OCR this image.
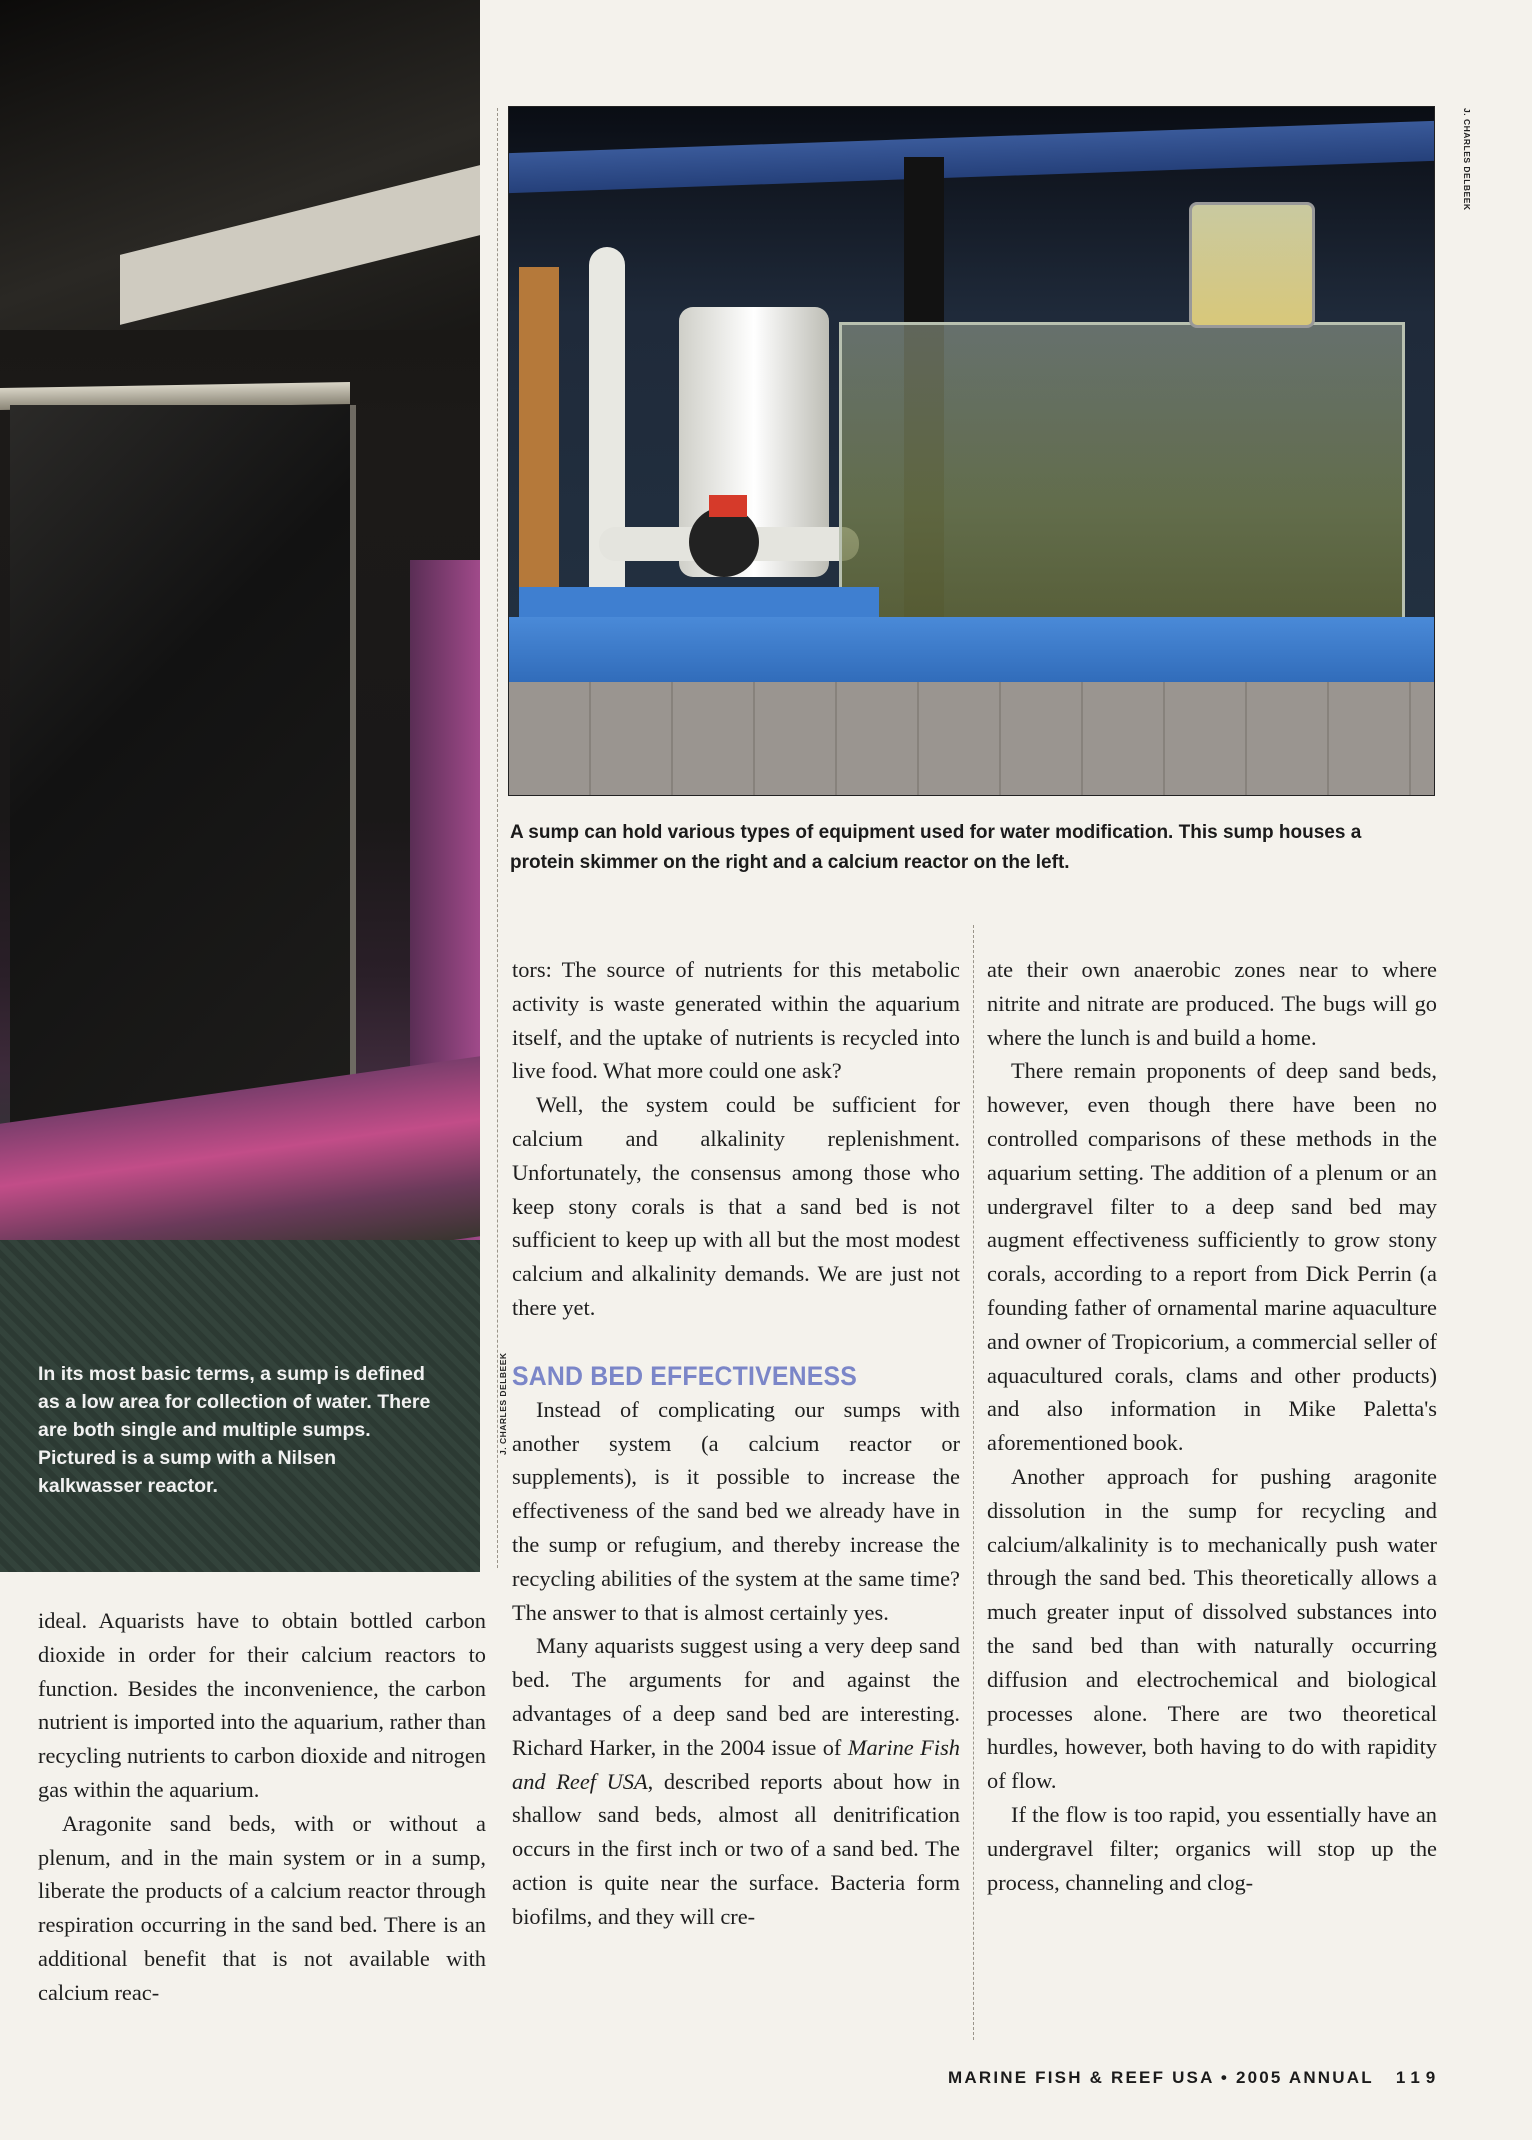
In its most basic terms, a sump is defined as a low area for collection of water. There are both single and multiple sumps. Pictured is a sump with a Nilsen kalkwasser reactor.

J. CHARLES DELBEEK
J. CHARLES DELBEEK

A sump can hold various types of equipment used for water modification. This sump houses a protein skimmer on the right and a calcium reactor on the left.

ideal. Aquarists have to obtain bottled carbon dioxide in order for their calcium reactors to function. Besides the inconvenience, the carbon nutrient is imported into the aquarium, rather than recycling nutrients to carbon dioxide and nitrogen gas within the aquarium.

Aragonite sand beds, with or without a plenum, and in the main system or in a sump, liberate the products of a calcium reactor through respiration occurring in the sand bed. There is an additional benefit that is not available with calcium reac-

tors: The source of nutrients for this metabolic activity is waste generated within the aquarium itself, and the uptake of nutrients is recycled into live food. What more could one ask?

Well, the system could be sufficient for calcium and alkalinity replenishment. Unfortunately, the consensus among those who keep stony corals is that a sand bed is not sufficient to keep up with all but the most modest calcium and alkalinity demands. We are just not there yet.

SAND BED EFFECTIVENESS

Instead of complicating our sumps with another system (a calcium reactor or supplements), is it possible to increase the effectiveness of the sand bed we already have in the sump or refugium, and thereby increase the recycling abilities of the system at the same time? The answer to that is almost certainly yes.

Many aquarists suggest using a very deep sand bed. The arguments for and against the advantages of a deep sand bed are interesting. Richard Harker, in the 2004 issue of Marine Fish and Reef USA, described reports about how in shallow sand beds, almost all denitrification occurs in the first inch or two of a sand bed. The action is quite near the surface. Bacteria form biofilms, and they will cre-

ate their own anaerobic zones near to where nitrite and nitrate are produced. The bugs will go where the lunch is and build a home.

There remain proponents of deep sand beds, however, even though there have been no controlled comparisons of these methods in the aquarium setting. The addition of a plenum or an undergravel filter to a deep sand bed may augment effectiveness sufficiently to grow stony corals, according to a report from Dick Perrin (a founding father of ornamental marine aquaculture and owner of Tropicorium, a commercial seller of aquacultured corals, clams and other products) and also information in Mike Paletta's aforementioned book.

Another approach for pushing aragonite dissolution in the sump for recycling and calcium/alkalinity is to mechanically push water through the sand bed. This theoretically allows a much greater input of dissolved substances into the sand bed than with naturally occurring diffusion and electrochemical and biological processes alone. There are two theoretical hurdles, however, both having to do with rapidity of flow.

If the flow is too rapid, you essentially have an undergravel filter; organics will stop up the process, channeling and clog-

MARINE FISH & REEF USA • 2005 ANNUAL 119
